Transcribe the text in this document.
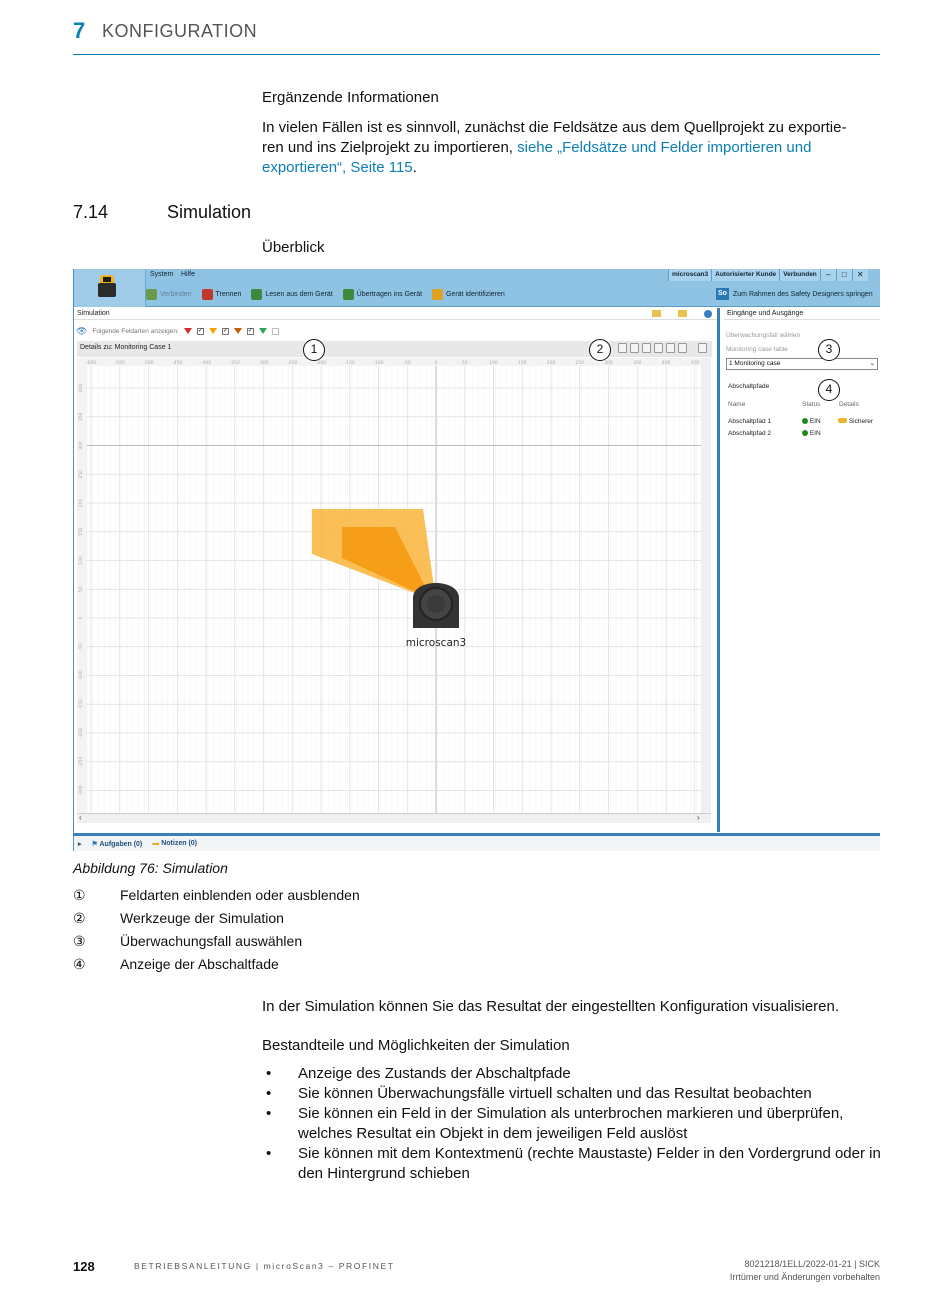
7 KONFIGURATION
Ergänzende Informationen
In vielen Fällen ist es sinnvoll, zunächst die Feldsätze aus dem Quellprojekt zu exportie-
ren und ins Zielprojekt zu importieren, siehe „Feldsätze und Felder importieren und
exportieren“, Seite 115.
7.14	Simulation
Überblick
System Hilfe	microscan3	Autorisierter Kunde	Verbunden	–	□	✕
Verbinden	Trennen	Lesen aus dem Gerät	Übertragen ins Gerät	Gerät identifizieren	So Zum Rahmen des Safety Designers springen
Simulation
👁 Folgende Feldarten anzeigen:	✓	✓	✓
Details zu: Monitoring Case 1
-600	-550	-500	-450	-400	-350	-300	-250	-200	-150	-100	-50	0	50	100	150	200	250	300	350	400	450
400
350
300
250
200
150
100
50
0
-50
-100
-150
-200
-250
-300
microscan3
‹	›
Eingänge und Ausgänge
Überwachungsfall wählen
Monitoring case table
1 Monitoring case	⌄
Abschaltpfade
Name	Status	Details
Abschaltpfad 1	EIN	Sicherer
Abschaltpfad 2	EIN
▸ ⚑ Aufgaben (0) ▬ Notizen (0)
1	2	3
4
Abbildung 76: Simulation
① Feldarten einblenden oder ausblenden
② Werkzeuge der Simulation
③ Überwachungsfall auswählen
④ Anzeige der Abschaltfade
In der Simulation können Sie das Resultat der eingestellten Konfiguration visualisieren.
Bestandteile und Möglichkeiten der Simulation
• Anzeige des Zustands der Abschaltpfade
• Sie können Überwachungsfälle virtuell schalten und das Resultat beobachten
• Sie können ein Feld in der Simulation als unterbrochen markieren und überprüfen, welches Resultat ein Objekt in dem jeweiligen Feld auslöst
• Sie können mit dem Kontextmenü (rechte Maustaste) Felder in den Vordergrund oder in den Hintergrund schieben
128	BETRIEBSANLEITUNG | microScan3 – PROFINET	8021218/1ELL/2022-01-21 | SICK
Irrtümer und Änderungen vorbehalten
